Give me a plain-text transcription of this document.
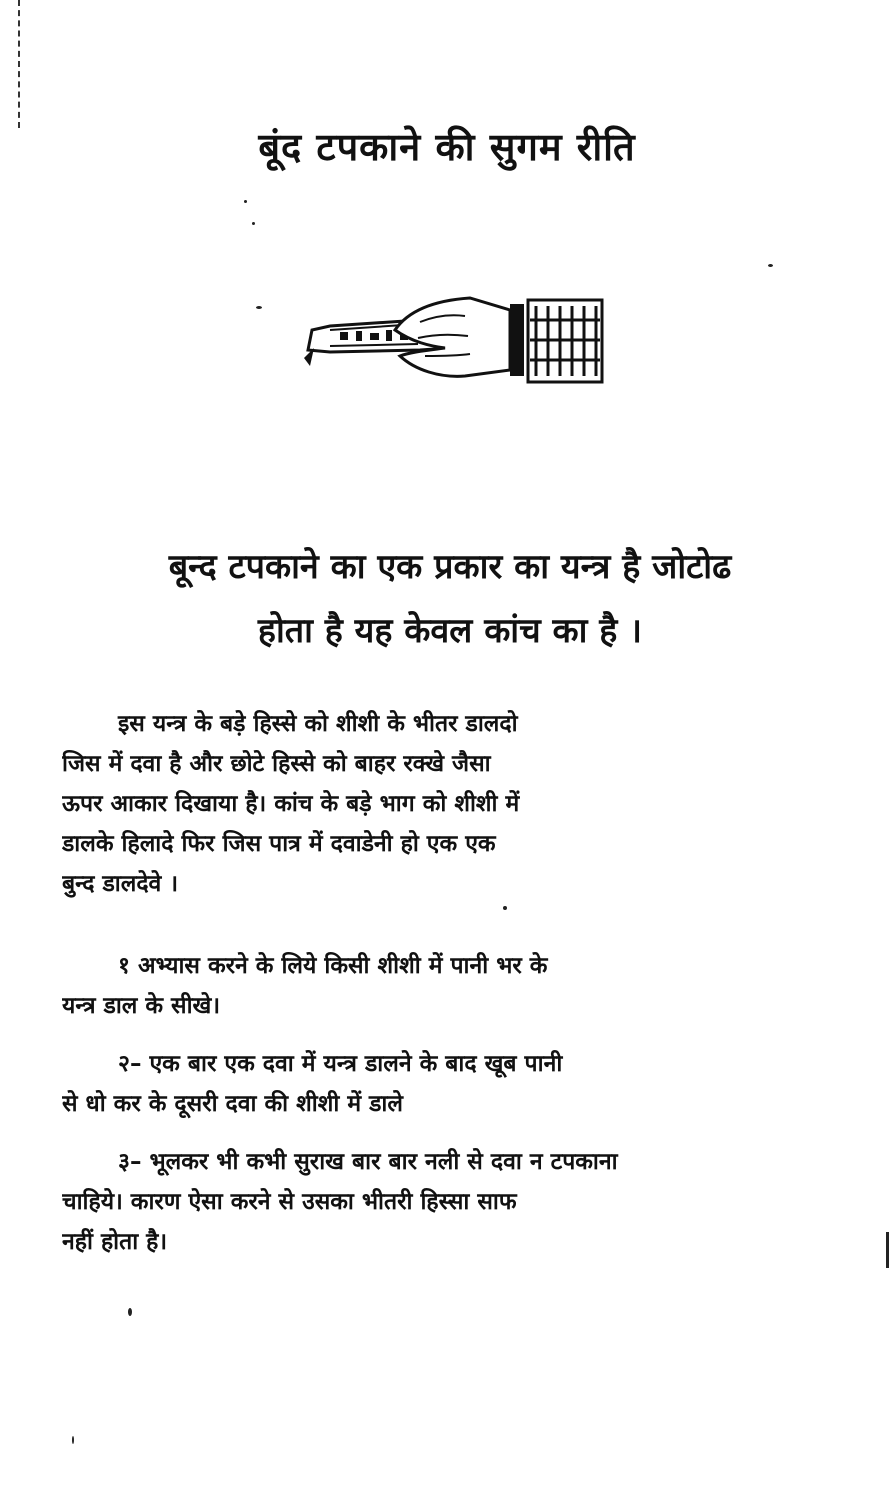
बूंद टपकाने की सुगम रीति
बून्द टपकाने का एक प्रकार का यन्त्र है जोटोढ
होता है यह केवल कांच का है ।
इस यन्त्र के बड़े हिस्से को शीशी के भीतर डालदो
जिस में दवा है और छोटे हिस्से को बाहर रक्खे जैसा
ऊपर आकार दिखाया है। कांच के बड़े भाग को शीशी में
डालके हिलादे फिर जिस पात्र में दवाडेनी हो एक एक
बुन्द डालदेवे ।
१ अभ्यास करने के लिये किसी शीशी में पानी भर के
यन्त्र डाल के सीखे।
२– एक बार एक दवा में यन्त्र डालने के बाद खूब पानी
से धो कर के दूसरी दवा की शीशी में डाले
३– भूलकर भी कभी सुराख बार बार नली से दवा न टपकाना
चाहिये। कारण ऐसा करने से उसका भीतरी हिस्सा साफ
नहीं होता है।
